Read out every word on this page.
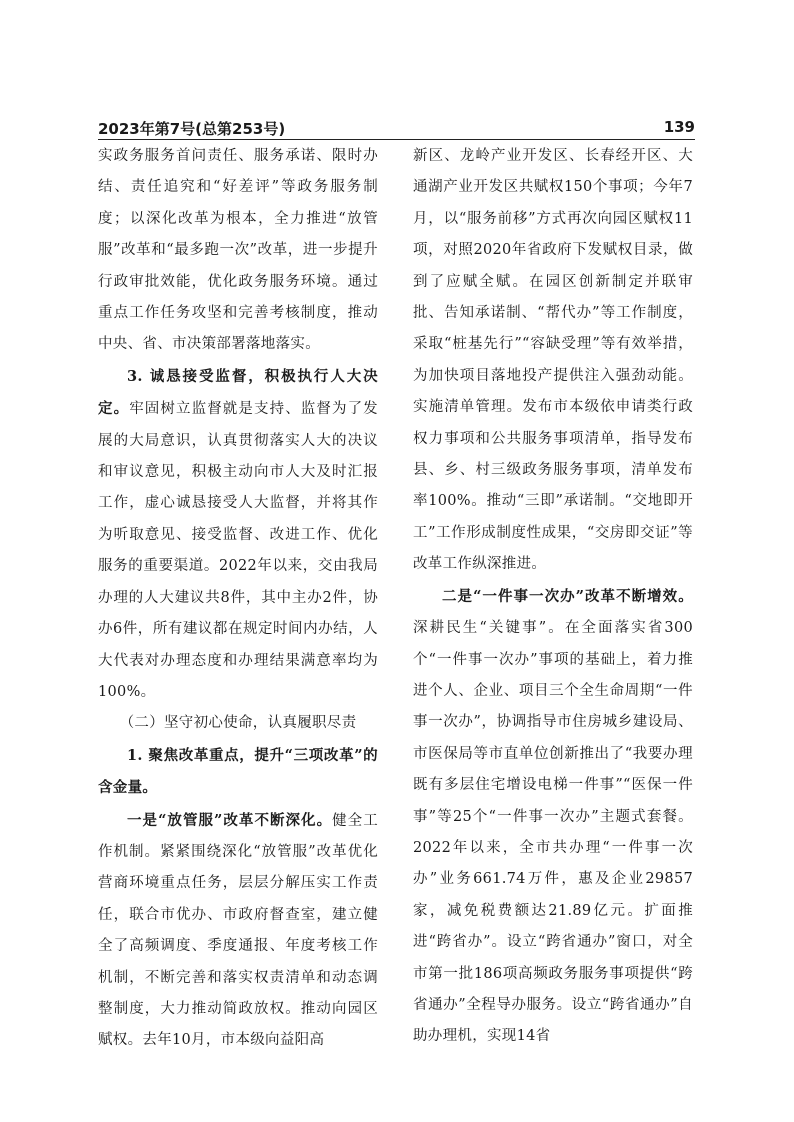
2023年第7号(总第253号)	139

实政务服务首问责任、服务承诺、限时办结、责任追究和“好差评”等政务服务制度；以深化改革为根本，全力推进“放管服”改革和“最多跑一次”改革，进一步提升行政审批效能，优化政务服务环境。通过重点工作任务攻坚和完善考核制度，推动中央、省、市决策部署落地落实。

3. 诚恳接受监督，积极执行人大决定。牢固树立监督就是支持、监督为了发展的大局意识，认真贯彻落实人大的决议和审议意见，积极主动向市人大及时汇报工作，虚心诚恳接受人大监督，并将其作为听取意见、接受监督、改进工作、优化服务的重要渠道。2022年以来，交由我局办理的人大建议共8件，其中主办2件，协办6件，所有建议都在规定时间内办结，人大代表对办理态度和办理结果满意率均为100%。

（二）坚守初心使命，认真履职尽责

1. 聚焦改革重点，提升“三项改革”的含金量。

一是“放管服”改革不断深化。健全工作机制。紧紧围绕深化“放管服”改革优化营商环境重点任务，层层分解压实工作责任，联合市优办、市政府督查室，建立健全了高频调度、季度通报、年度考核工作机制，不断完善和落实权责清单和动态调整制度，大力推动简政放权。推动向园区赋权。去年10月，市本级向益阳高

新区、龙岭产业开发区、长春经开区、大通湖产业开发区共赋权150个事项；今年7月，以“服务前移”方式再次向园区赋权11项，对照2020年省政府下发赋权目录，做到了应赋全赋。在园区创新制定并联审批、告知承诺制、“帮代办”等工作制度，采取“桩基先行”“容缺受理”等有效举措，为加快项目落地投产提供注入强劲动能。实施清单管理。发布市本级依申请类行政权力事项和公共服务事项清单，指导发布县、乡、村三级政务服务事项，清单发布率100%。推动“三即”承诺制。“交地即开工”工作形成制度性成果，“交房即交证”等改革工作纵深推进。

二是“一件事一次办”改革不断增效。深耕民生“关键事”。在全面落实省300个“一件事一次办”事项的基础上，着力推进个人、企业、项目三个全生命周期“一件事一次办”，协调指导市住房城乡建设局、市医保局等市直单位创新推出了“我要办理既有多层住宅增设电梯一件事”“医保一件事”等25个“一件事一次办”主题式套餐。2022年以来，全市共办理“一件事一次办”业务661.74万件，惠及企业29857家，减免税费额达21.89亿元。扩面推进“跨省办”。设立“跨省通办”窗口，对全市第一批186项高频政务服务事项提供“跨省通办”全程导办服务。设立“跨省通办”自助办理机，实现14省
